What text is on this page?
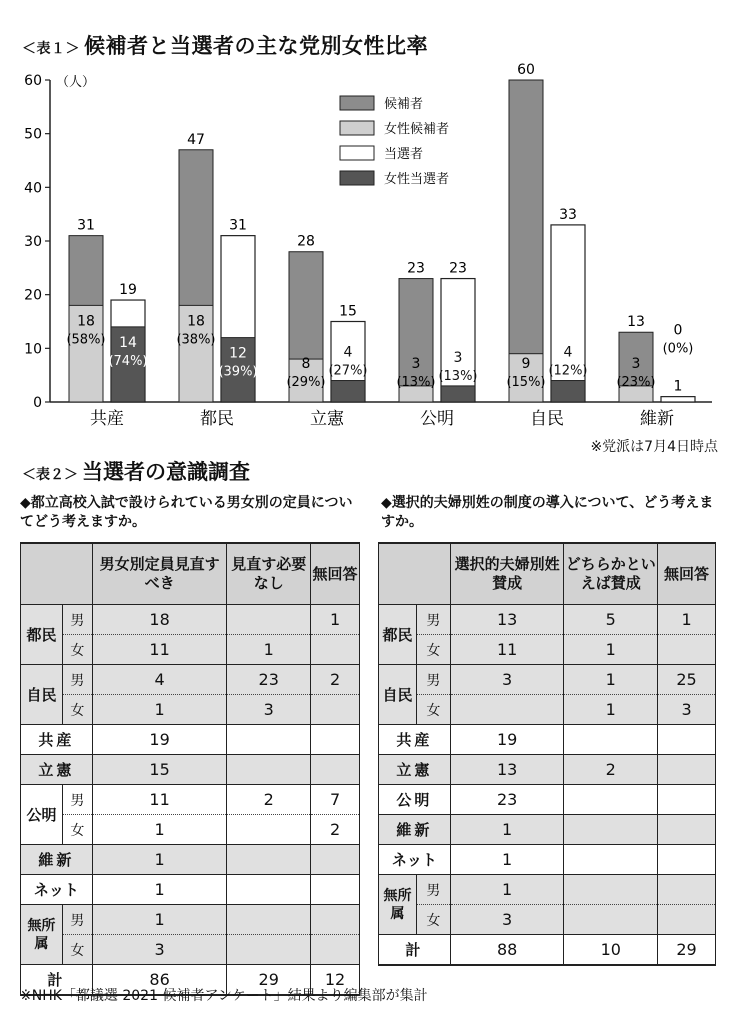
＜表１＞ 候補者と当選者の主な党別女性比率
0
10
20
30
40
50
60 （人）
31
19
18
(58%) 14
(74%)
共産
47
31
18
(38%)
12
(39%)
都民
28
15
8
(29%)
4
(27%)
立憲
23 23
3
(13%)
3
(13%)
公明
60
33
9
(15%)
4
(12%)
自民
13
1
3
(23%)
0
(0%)
維新
候補者
女性候補者
当選者
女性当選者
※党派は7月4日時点
＜表２＞ 当選者の意識調査
◆都立高校入試で設けられている男女別の定員についてどう考えますか。
◆選択的夫婦別姓の制度の導入について、どう考えますか。
		男女別定員見直すべき	見直す必要なし	無回答
都民	男	18		1
	女	11	1	
自民	男	4	23	2
	女	1	3	
共産		19		
立憲		15		
公明	男	11	2	7
	女	1		2
維新		1		
ネット		1		
無所属	男	1		
	女	3		
計		86	29	12
		選択的夫婦別姓賛成	どちらかといえば賛成	無回答
都民	男	13	5	1
	女	11	1	
自民	男	3	1	25
	女		1	3
共産		19		
立憲		13	2	
公明		23		
維新		1		
ネット		1		
無所属	男	1		
	女	3		
計		88	10	29
※NHK「都議選 2021 候補者アンケート」結果より編集部が集計
